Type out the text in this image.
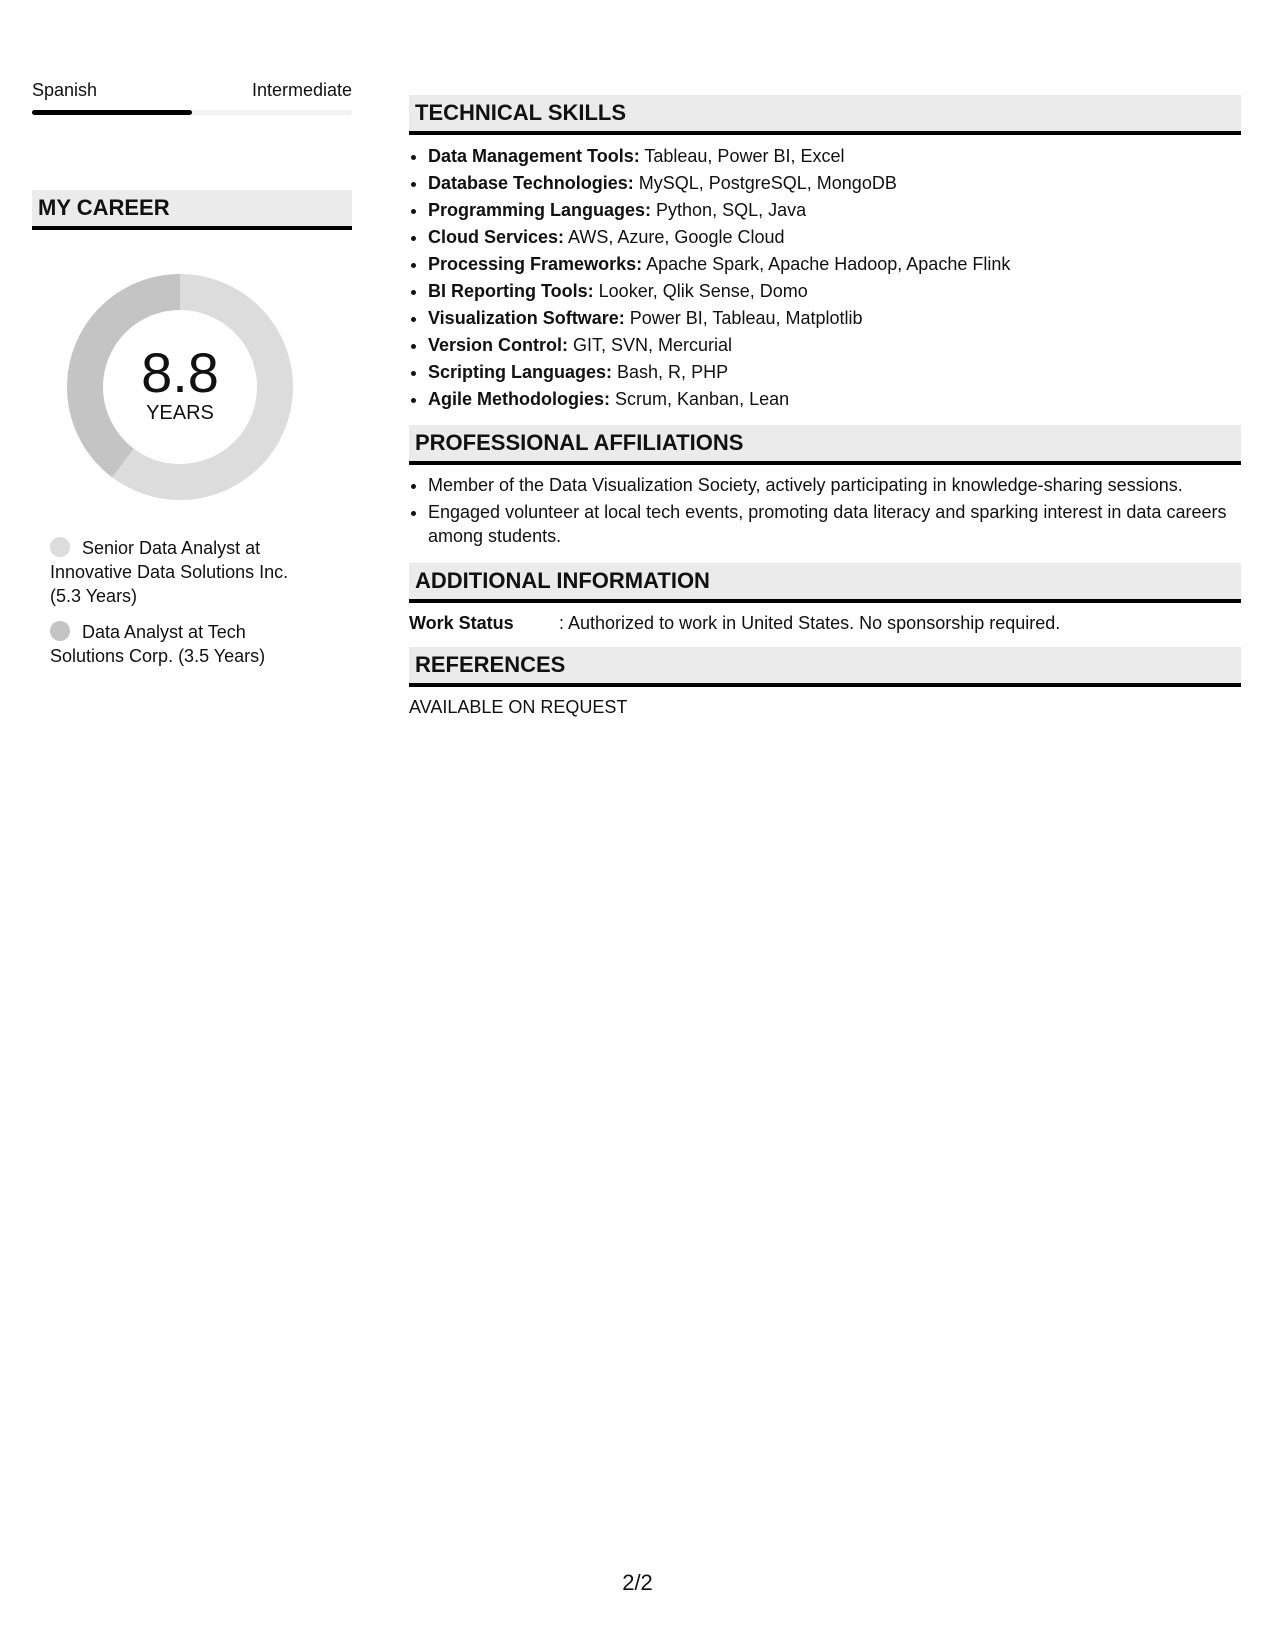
Spanish	Intermediate
MY CAREER
8.8
YEARS
Senior Data Analyst at Innovative Data Solutions Inc. (5.3 Years)
Data Analyst at Tech Solutions Corp. (3.5 Years)
TECHNICAL SKILLS
• Data Management Tools: Tableau, Power BI, Excel
• Database Technologies: MySQL, PostgreSQL, MongoDB
• Programming Languages: Python, SQL, Java
• Cloud Services: AWS, Azure, Google Cloud
• Processing Frameworks: Apache Spark, Apache Hadoop, Apache Flink
• BI Reporting Tools: Looker, Qlik Sense, Domo
• Visualization Software: Power BI, Tableau, Matplotlib
• Version Control: GIT, SVN, Mercurial
• Scripting Languages: Bash, R, PHP
• Agile Methodologies: Scrum, Kanban, Lean
PROFESSIONAL AFFILIATIONS
• Member of the Data Visualization Society, actively participating in knowledge-sharing sessions.
• Engaged volunteer at local tech events, promoting data literacy and sparking interest in data careers among students.
ADDITIONAL INFORMATION
Work Status	: Authorized to work in United States. No sponsorship required.
REFERENCES
AVAILABLE ON REQUEST
2/2
